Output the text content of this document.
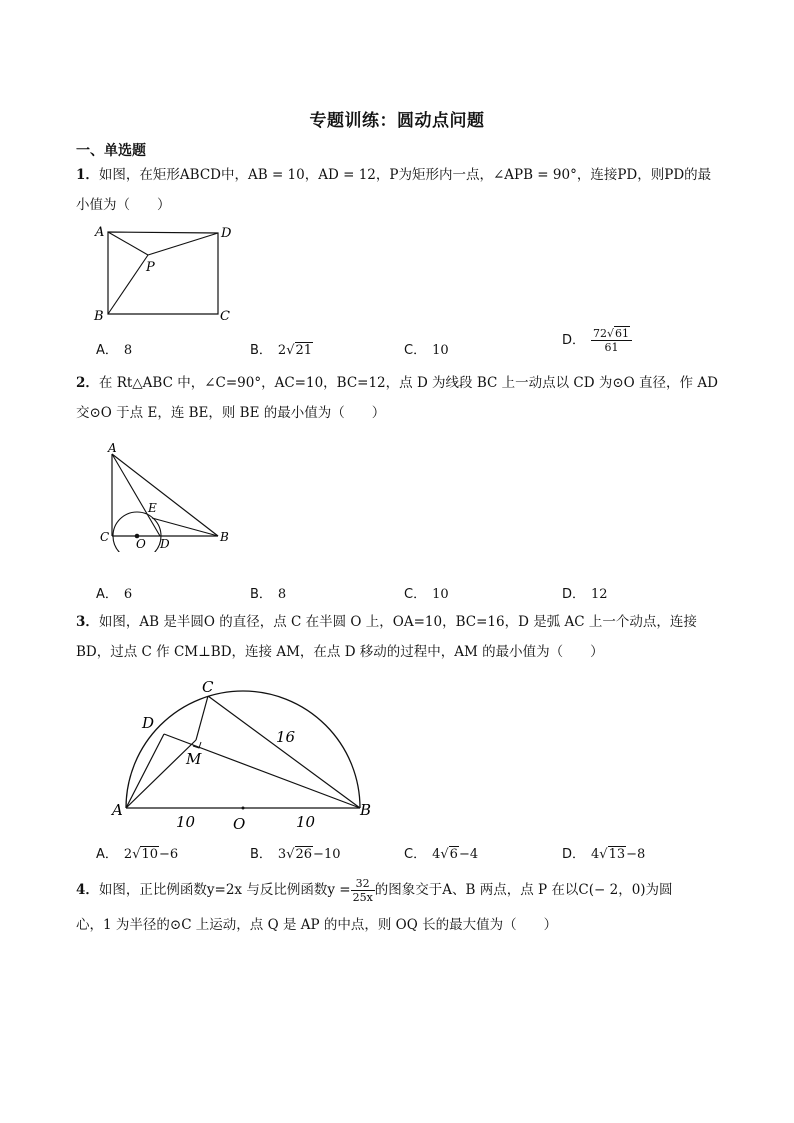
专题训练：圆动点问题
一、单选题
1．如图，在矩形ABCD中，AB = 10，AD = 12，P为矩形内一点，∠APB = 90°，连接PD，则PD的最
小值为（　　）
A	D
P
B	C
A． 8	B． 2√21	C． 10
D． $\frac{72√61}{61}$
2．在 Rt△ABC 中，∠C=90°，AC=10，BC=12，点 D 为线段 BC 上一动点以 CD 为⊙O 直径，作 AD
交⊙O 于点 E，连 BE，则 BE 的最小值为（　　）
A
E
C O D	B
A． 6	B． 8	C． 10	D． 12
3．如图，AB 是半圆O 的直径，点 C 在半圆 O 上，OA=10，BC=16，D 是弧 AC 上一个动点，连接
BD，过点 C 作 CM⊥BD，连接 AM，在点 D 移动的过程中，AM 的最小值为（　　）
C
D
M
16
A	B
10	O	10
A． 2√10−6	B． 3√26−10	C． 4√6−4	D． 4√13−8
4．如图，正比例函数y=2x 与反比例函数$y = \frac{32}{25x}$ 的图象交于A、B 两点，点 P 在以C(− 2，0)为圆
心，1 为半径的⊙C 上运动，点 Q 是 AP 的中点，则 OQ 长的最大值为（　　）
